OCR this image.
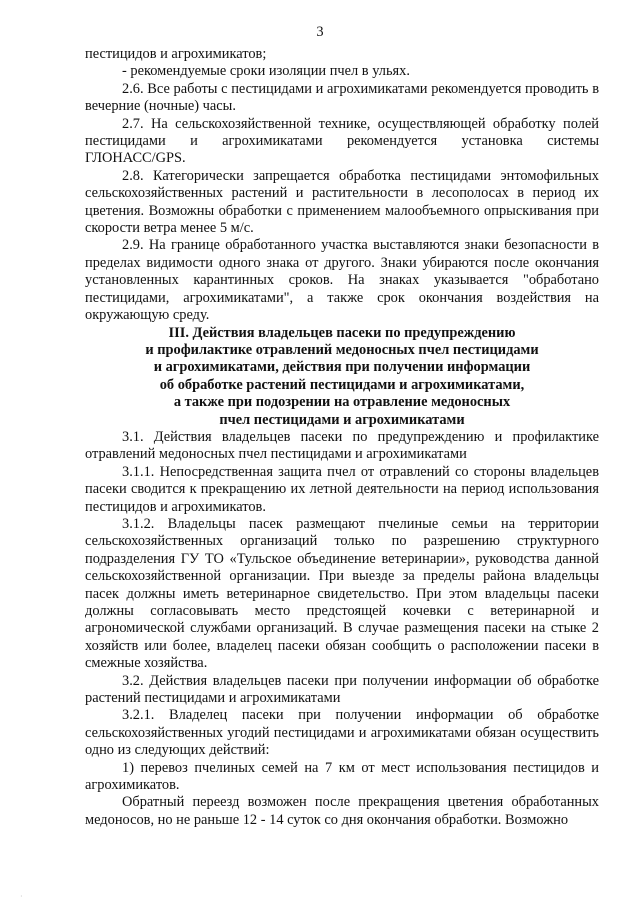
3

пестицидов и агрохимикатов;

- рекомендуемые сроки изоляции пчел в ульях.

2.6. Все работы с пестицидами и агрохимикатами рекомендуется проводить в вечерние (ночные) часы.

2.7. На сельскохозяйственной технике, осуществляющей обработку полей пестицидами и агрохимикатами рекомендуется установка системы ГЛОНАСС/GPS.

2.8. Категорически запрещается обработка пестицидами энтомофильных сельскохозяйственных растений и растительности в лесополосах в период их цветения. Возможны обработки с применением малообъемного опрыскивания при скорости ветра менее 5 м/с.

2.9. На границе обработанного участка выставляются знаки безопасности в пределах видимости одного знака от другого. Знаки убираются после окончания установленных карантинных сроков. На знаках указывается "обработано пестицидами, агрохимикатами", а также срок окончания воздействия на окружающую среду.

III. Действия владельцев пасеки по предупреждению

и профилактике отравлений медоносных пчел пестицидами

и агрохимикатами, действия при получении информации

об обработке растений пестицидами и агрохимикатами,

а также при подозрении на отравление медоносных

пчел пестицидами и агрохимикатами

3.1. Действия владельцев пасеки по предупреждению и профилактике отравлений медоносных пчел пестицидами и агрохимикатами

3.1.1. Непосредственная защита пчел от отравлений со стороны владельцев пасеки сводится к прекращению их летной деятельности на период использования пестицидов и агрохимикатов.

3.1.2. Владельцы пасек размещают пчелиные семьи на территории сельскохозяйственных организаций только по разрешению структурного подразделения ГУ ТО «Тульское объединение ветеринарии», руководства данной сельскохозяйственной организации. При выезде за пределы района владельцы пасек должны иметь ветеринарное свидетельство. При этом владельцы пасеки должны согласовывать место предстоящей кочевки с ветеринарной и агрономической службами организаций. В случае размещения пасеки на стыке 2 хозяйств или более, владелец пасеки обязан сообщить о расположении пасеки в смежные хозяйства.

3.2. Действия владельцев пасеки при получении информации об обработке растений пестицидами и агрохимикатами

3.2.1. Владелец пасеки при получении информации об обработке сельскохозяйственных угодий пестицидами и агрохимикатами обязан осуществить одно из следующих действий:

1) перевоз пчелиных семей на 7 км от мест использования пестицидов и агрохимикатов.

Обратный переезд возможен после прекращения цветения обработанных медоносов, но не раньше 12 - 14 суток со дня окончания обработки. Возможно

·
